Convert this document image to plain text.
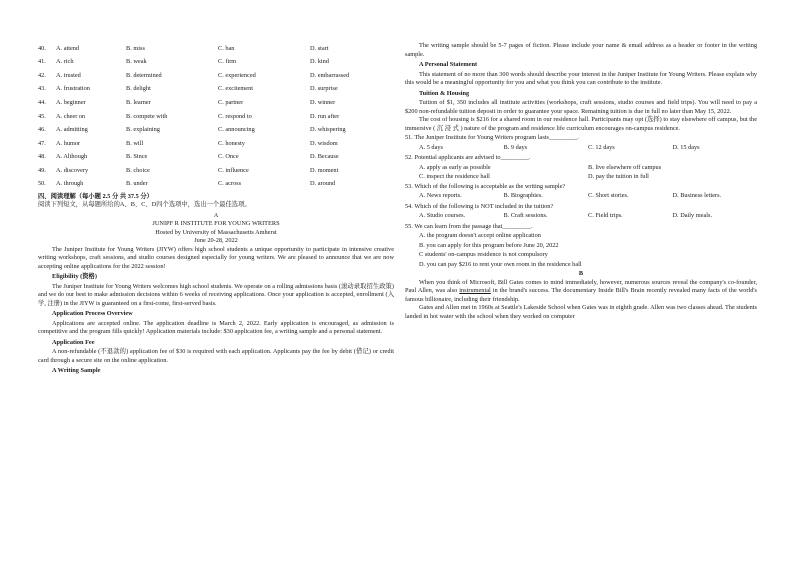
40.	A. attend	B. miss	C. ban	D. start
41.	A. rich	B. weak	C. firm	D. kind
42.	A. trusted	B. determined	C. experienced	D. embarrassed
43.	A. frustration	B. delight	C. excitement	D. surprise
44.	A. beginner	B. learner	C. partner	D. winner
45.	A. cheer on	B. compete with	C. respond to	D. run after
46.	A. admitting	B. explaining	C. announcing	D. whispering
47.	A. humor	B. will	C. honesty	D. wisdom
48.	A. Although	B. Since	C. Once	D. Because
49.	A. discovery	B. choice	C. influence	D. moment
50.	A. through	B. under	C. across	D. around
四、阅读理解（每小题 2.5 分 共 37.5 分）
阅读下列短文，从每题所给的A、B、C、D四个选项中，选出一个最佳选项。
A
JUNIPF R INSTITUTE FOR YOUNG WRITERS
Hosted by University of Massachusetts Amherst
June 20-28, 2022

The Juniper Institute for Young Writers (JIYW) offers high school students a unique opportunity to participate in intensive creative writing workshops, craft sessions, and studio courses designed especially for young writers. We are pleased to announce that we are now accepting online applications for the 2022 session!

Eligibility (资格)

The Juniper Institute for Young Writers welcomes high school students. We operate on a rolling admissions basis (滚动录取招生政策) and we do our best to make admission decisions within 6 weeks of receiving applications. Once your application is accepted, enrollment (入学, 注册) in the JIYW is guaranteed on a first-come, first-served basis.

Application Process Overview

Applications are accepted online. The application deadline is March 2, 2022. Early application is encouraged, as admission is competitive and the program fills quickly! Application materials include: $30 application fee, a writing sample and a personal statement.

Application Fee

A non-refundable (不退款的) application fee of $30 is required with each application. Applicants pay the fee by debit (借记) or credit card through a secure site on the online application.

A Writing Sample

The writing sample should be 5-7 pages of fiction. Please include your name & email address as a header or footer in the writing sample.

A Personal Statement

This statement of no more than 300 words should describe your interest in the Juniper Institute for Young Writers. Please explain why this would be a meaningful opportunity for you and what you think you can contribute to the institute.

Tuition & Housing

Tuition of $1, 350 includes all institute activities (workshops, craft sessions, studio courses and field trips). You will need to pay a $200 non-refundable tuition deposit in order to guarantee your space. Remaining tuition is due in full no later than May 15, 2022.

The cost of housing is $216 for a shared room in our residence hall. Participants may opt (选择) to stay elsewhere off campus, but the immersive ( 沉 浸 式 ) nature of the program and residence life curriculum encourages on-campus residence.

51. The Juniper Institute for Young Writers program lasts_________.
A. 5 days	B. 9 days	C. 12 days	D. 15 days
52. Potential applicants are advised to_________.
A. apply as early as possible	B. live elsewhere off campus
C. inspect the residence hall	D. pay the tuition in full
53. Which of the following is acceptable as the writing sample?
A. News reports.	B. Biographies.	C. Short stories.	D. Business letters.
54. Which of the following is NOT included in the tuition?
A. Studio courses.	B. Craft sessions.	C. Field trips.	D. Daily meals.
55. We can learn from the passage that_________.
A. the program doesn't accept online application
B. you can apply for this program before June 20, 2022
C students' on-campus residence is not compulsory
D. you can pay $216 to rent your own room in the residence hall
B

When you think of Microsoft, Bill Gates comes to mind immediately, however, numerous sources reveal the company's co-founder, Paul Allen, was also instrumental in the brand's success. The documentary Inside Bill's Brain recently revealed many facts of the world's famous billionaire, including their friendship.

Gates and Allen met in 1960s at Seattle's Lakeside School when Gates was in eighth grade. Allen was two classes ahead. The students landed in hot water with the school when they worked on computer
